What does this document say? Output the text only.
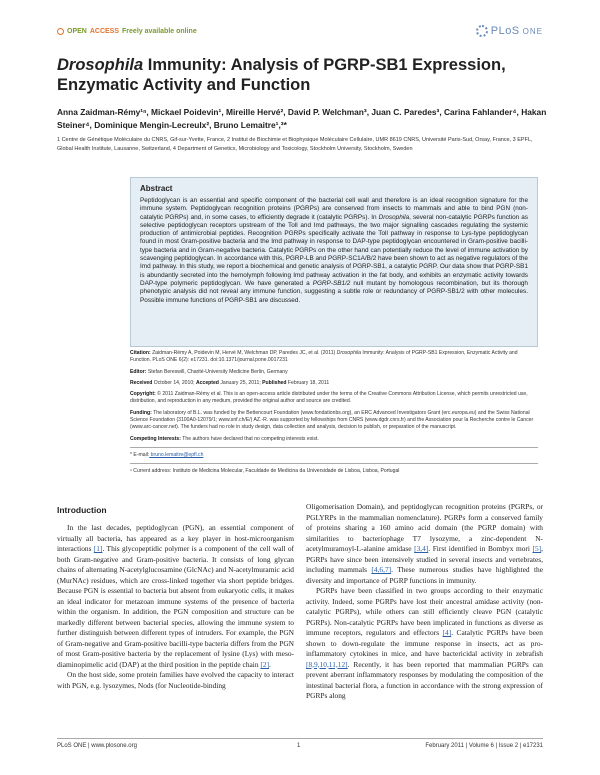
OPEN ACCESS Freely available online	PLoS ONE
Drosophila Immunity: Analysis of PGRP-SB1 Expression, Enzymatic Activity and Function
Anna Zaidman-Rémy¹ⁿ, Mickael Poidevin¹, Mireille Hervé², David P. Welchman³, Juan C. Paredes³, Carina Fahlander⁴, Hakan Steiner⁴, Dominique Mengin-Lecreulx², Bruno Lemaitre¹,³*
1 Centre de Génétique Moléculaire du CNRS, Gif-sur-Yvette, France, 2 Institut de Biochimie et Biophysique Moléculaire Cellulaire, UMR 8619 CNRS, Université Paris-Sud, Orsay, France, 3 EPFL, Global Health Institute, Lausanne, Switzerland, 4 Department of Genetics, Microbiology and Toxicology, Stockholm University, Stockholm, Sweden
Abstract

Peptidoglycan is an essential and specific component of the bacterial cell wall and therefore is an ideal recognition signature for the immune system. Peptidoglycan recognition proteins (PGRPs) are conserved from insects to mammals and able to bind PGN (non-catalytic PGRPs) and, in some cases, to efficiently degrade it (catalytic PGRPs). In Drosophila, several non-catalytic PGRPs function as selective peptidoglycan receptors upstream of the Toll and Imd pathways, the two major signalling cascades regulating the systemic production of antimicrobial peptides. Recognition PGRPs specifically activate the Toll pathway in response to Lys-type peptidoglycan found in most Gram-positive bacteria and the Imd pathway in response to DAP-type peptidoglycan encountered in Gram-positive bacilli-type bacteria and in Gram-negative bacteria. Catalytic PGRPs on the other hand can potentially reduce the level of immune activation by scavenging peptidoglycan. In accordance with this, PGRP-LB and PGRP-SC1A/B/2 have been shown to act as negative regulators of the Imd pathway. In this study, we report a biochemical and genetic analysis of PGRP-SB1, a catalytic PGRP. Our data show that PGRP-SB1 is abundantly secreted into the hemolymph following Imd pathway activation in the fat body, and exhibits an enzymatic activity towards DAP-type polymeric peptidoglycan. We have generated a PGRP-SB1/2 null mutant by homologous recombination, but its thorough phenotypic analysis did not reveal any immune function, suggesting a subtle role or redundancy of PGRP-SB1/2 with other molecules. Possible immune functions of PGRP-SB1 are discussed.

Citation: Zaidman-Rémy A, Poidevin M, Hervé M, Welchman DP, Paredes JC, et al. (2011) Drosophila Immunity: Analysis of PGRP-SB1 Expression, Enzymatic Activity and Function. PLoS ONE 6(2): e17231. doi:10.1371/journal.pone.0017231
Editor: Stefan Bereswill, Charité-University Medicine Berlin, Germany
Received October 14, 2010; Accepted January 25, 2011; Published February 18, 2011
Copyright: © 2011 Zaidman-Rémy et al. This is an open-access article distributed under the terms of the Creative Commons Attribution License, which permits unrestricted use, distribution, and reproduction in any medium, provided the original author and source are credited.
Funding: The laboratory of B.L. was funded by the Bettencourt Foundation (www.fondationbs.org), an ERC Advanced Investigators Grant (erc.europa.eu) and the Swiss National Science Foundation (3100A0-12079/1; www.snf.ch/E/) AZ.-R. was supported by fellowships from CNRS (www.dgdr.cnrs.fr) and the Association pour la Recherche contre le Cancer (www.arc-cancer.net). The funders had no role in study design, data collection and analysis, decision to publish, or preparation of the manuscript.
Competing Interests: The authors have declared that no competing interests exist.
* E-mail: bruno.lemaitre@epfl.ch
ⁿ Current address: Instituto de Medicina Molecular, Faculdade de Medicina da Universidade de Lisboa, Lisboa, Portugal
Introduction

In the last decades, peptidoglycan (PGN), an essential component of virtually all bacteria, has appeared as a key player in host-microorganism interactions [1]. This glycopeptidic polymer is a component of the cell wall of both Gram-negative and Gram-positive bacteria. It consists of long glycan chains of alternating N-acetylglucosamine (GlcNAc) and N-acetylmuramic acid (MurNAc) residues, which are cross-linked together via short peptide bridges. Because PGN is essential to bacteria but absent from eukaryotic cells, it makes an ideal indicator for metazoan immune systems of the presence of bacteria within the organism. In addition, the PGN composition and structure can be markedly different between bacterial species, allowing the immune system to further distinguish between different types of intruders. For example, the PGN of Gram-negative and Gram-positive bacilli-type bacteria differs from the PGN of most Gram-positive bacteria by the replacement of lysine (Lys) with meso-diaminopimelic acid (DAP) at the third position in the peptide chain [2].

On the host side, some protein families have evolved the capacity to interact with PGN, e.g. lysozymes, Nods (for Nucleotide-binding

Oligomerisation Domain), and peptidoglycan recognition proteins (PGRPs, or PGLYRPs in the mammalian nomenclature). PGRPs form a conserved family of proteins sharing a 160 amino acid domain (the PGRP domain) with similarities to bacteriophage T7 lysozyme, a zinc-dependent N-acetylmuramoyl-L-alanine amidase [3,4]. First identified in Bombyx mori [5], PGRPs have since been intensively studied in several insects and vertebrates, including mammals [4,6,7]. These numerous studies have highlighted the diversity and importance of PGRP functions in immunity.

PGRPs have been classified in two groups according to their enzymatic activity. Indeed, some PGRPs have lost their ancestral amidase activity (non-catalytic PGRPs), while others can still efficiently cleave PGN (catalytic PGRPs). Non-catalytic PGRPs have been implicated in functions as diverse as immune receptors, regulators and effectors [4]. Catalytic PGRPs have been shown to down-regulate the immune response in insects, act as pro-inflammatory cytokines in mice, and have bactericidal activity in zebrafish [8,9,10,11,12]. Recently, it has been reported that mammalian PGRPs can prevent aberrant inflammatory responses by modulating the composition of the intestinal bacterial flora, a function in accordance with the strong expression of PGRPs along

PLoS ONE | www.plosone.org	1	February 2011 | Volume 6 | Issue 2 | e17231
